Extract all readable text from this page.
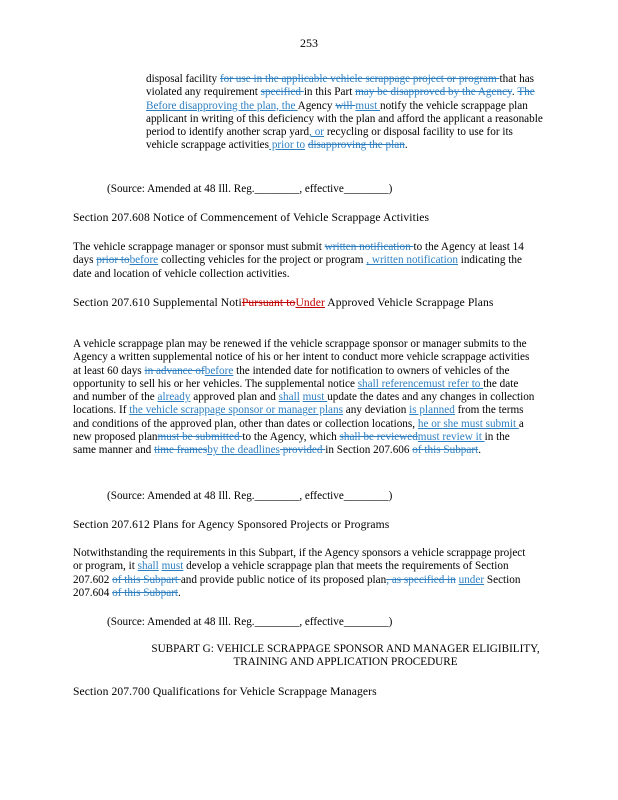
253
disposal facility for use in the applicable vehicle scrappage project or program that has violated any requirement specified in this Part may be disapproved by the Agency. The Before disapproving the plan, the Agency will must notify the vehicle scrappage plan applicant in writing of this deficiency with the plan and afford the applicant a reasonable period to identify another scrap yard, or recycling or disposal facility to use for its vehicle scrappage activities prior to disapproving the plan.
(Source: Amended at 48 Ill. Reg.________, effective________)
Section 207.608 Notice of Commencement of Vehicle Scrappage Activities
The vehicle scrappage manager or sponsor must submit written notification to the Agency at least 14 days prior tobefore collecting vehicles for the project or program , written notification indicating the date and location of vehicle collection activities.
Section 207.610 Supplemental NotiPursuant toUnder Approved Vehicle Scrappage Plans
A vehicle scrappage plan may be renewed if the vehicle scrappage sponsor or manager submits to the Agency a written supplemental notice of his or her intent to conduct more vehicle scrappage activities at least 60 days in advance ofbefore the intended date for notification to owners of vehicles of the opportunity to sell his or her vehicles. The supplemental notice shall referencemust refer to the date and number of the already approved plan and shall must update the dates and any changes in collection locations. If the vehicle scrappage sponsor or manager plans any deviation is planned from the terms and conditions of the approved plan, other than dates or collection locations, he or she must submit a new proposed planmust be submitted to the Agency, which shall be reviewedmust review it in the same manner and time framesby the deadlines provided in Section 207.606 of this Subpart.
(Source: Amended at 48 Ill. Reg.________, effective________)
Section 207.612 Plans for Agency Sponsored Projects or Programs
Notwithstanding the requirements in this Subpart, if the Agency sponsors a vehicle scrappage project or program, it shall must develop a vehicle scrappage plan that meets the requirements of Section 207.602 of this Subpart and provide public notice of its proposed plan, as specified in under Section 207.604 of this Subpart.
(Source: Amended at 48 Ill. Reg.________, effective________)
SUBPART G: VEHICLE SCRAPPAGE SPONSOR AND MANAGER ELIGIBILITY,
TRAINING AND APPLICATION PROCEDURE
Section 207.700 Qualifications for Vehicle Scrappage Managers
